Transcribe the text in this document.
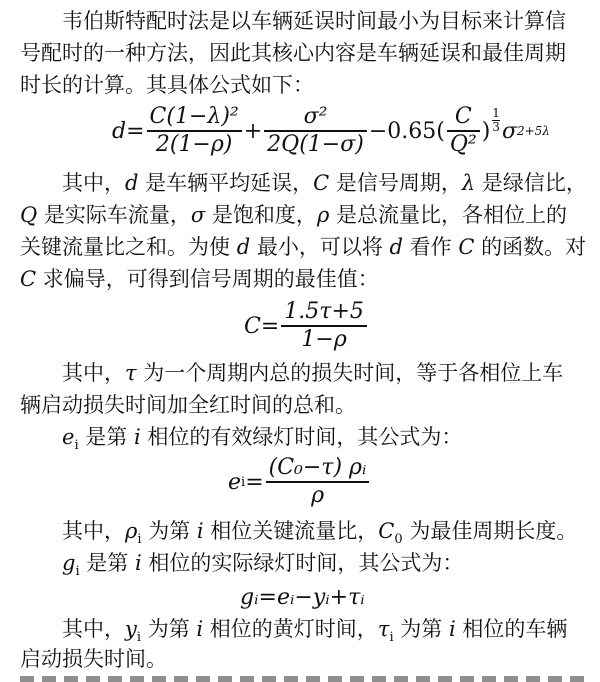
韦伯斯特配时法是以车辆延误时间最小为目标来计算信
号配时的一种方法，因此其核心内容是车辆延误和最佳周期
时长的计算。其具体公式如下：
$d = \frac{\text{C(1−λ)²}}{2(1-\rho)} + \frac{\text{σ²}}{2Q(1-\sigma)} -0.65( \frac{C}{\text{Q²}}$ ) $\frac{1}{3}$ σ 2+5λ
其中，d 是车辆平均延误，C 是信号周期，λ 是绿信比，
Q 是实际车流量，σ 是饱和度，ρ 是总流量比，各相位上的
关键流量比之和。为使 d 最小，可以将 d 看作 C 的函数。对
C 求偏导，可得到信号周期的最佳值：
$C = \frac{1.5\tau+5}{1-\rho}$
其中，τ 为一个周期内总的损失时间，等于各相位上车
辆启动损失时间加全红时间的总和。
$e_i$ 是第 i 相位的有效绿灯时间，其公式为：
e $i = \frac{\text{(C₀−τ) ρᵢ}}{\rho}$
其中，$\rho_i$ 为第 i 相位关键流量比，$C_0$ 为最佳周期长度。
$g_i$ 是第 i 相位的实际绿灯时间，其公式为：
gᵢ=eᵢ−yᵢ+τᵢ
其中，$y_i$ 为第 i 相位的黄灯时间，$\tau_i$ 为第 i 相位的车辆
启动损失时间。
